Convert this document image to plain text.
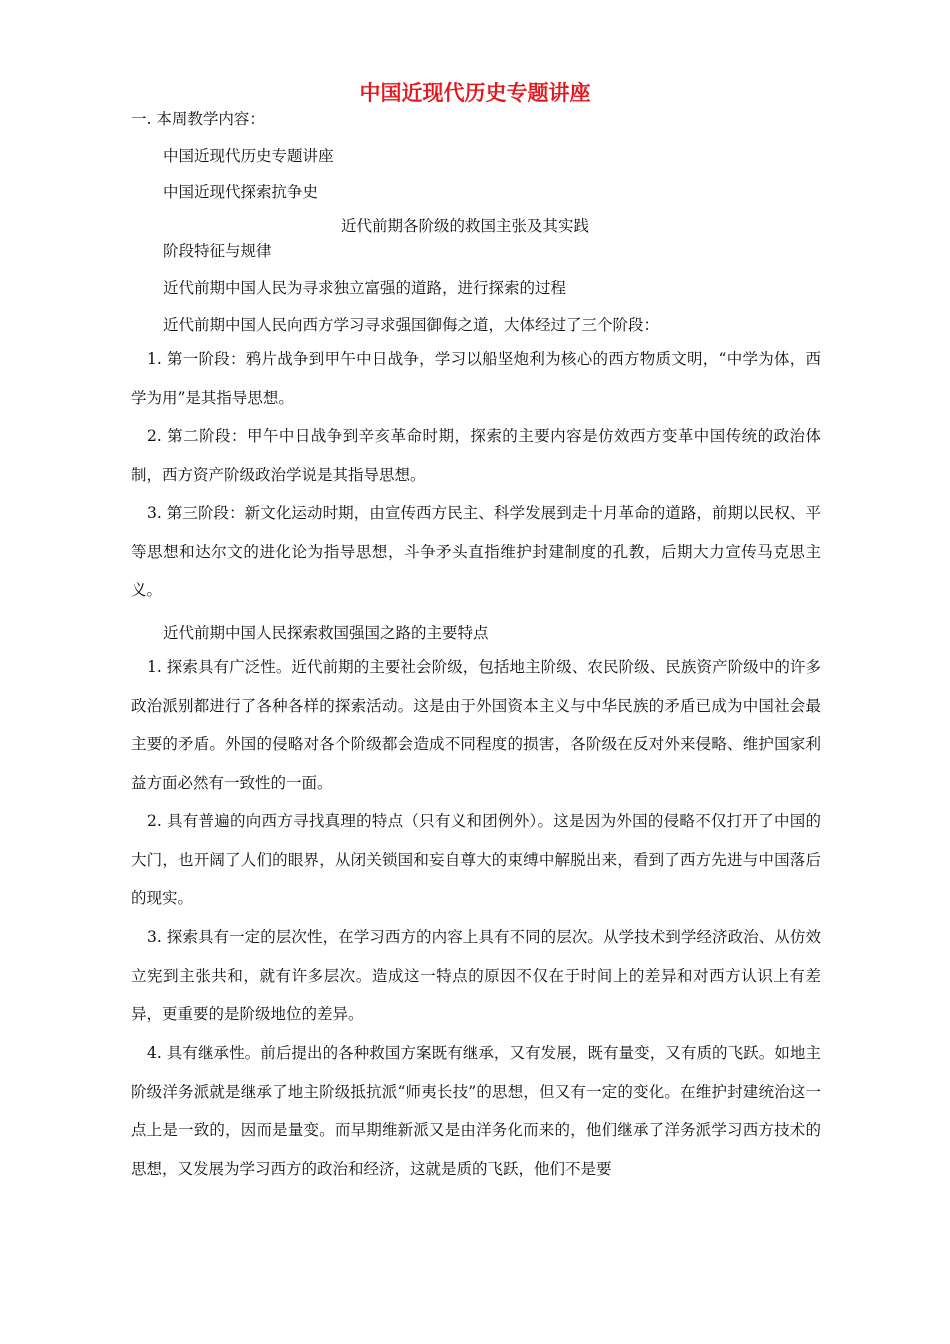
中国近现代历史专题讲座
一. 本周教学内容：
中国近现代历史专题讲座
中国近现代探索抗争史
近代前期各阶级的救国主张及其实践
阶段特征与规律
近代前期中国人民为寻求独立富强的道路，进行探索的过程
近代前期中国人民向西方学习寻求强国御侮之道，大体经过了三个阶段：
1. 第一阶段：鸦片战争到甲午中日战争，学习以船坚炮利为核心的西方物质文明，“中学为体，西学为用”是其指导思想。
2. 第二阶段：甲午中日战争到辛亥革命时期，探索的主要内容是仿效西方变革中国传统的政治体制，西方资产阶级政治学说是其指导思想。
3. 第三阶段：新文化运动时期，由宣传西方民主、科学发展到走十月革命的道路，前期以民权、平等思想和达尔文的进化论为指导思想，斗争矛头直指维护封建制度的孔教，后期大力宣传马克思主义。
近代前期中国人民探索救国强国之路的主要特点
1. 探索具有广泛性。近代前期的主要社会阶级，包括地主阶级、农民阶级、民族资产阶级中的许多政治派别都进行了各种各样的探索活动。这是由于外国资本主义与中华民族的矛盾已成为中国社会最主要的矛盾。外国的侵略对各个阶级都会造成不同程度的损害，各阶级在反对外来侵略、维护国家利益方面必然有一致性的一面。
2. 具有普遍的向西方寻找真理的特点（只有义和团例外）。这是因为外国的侵略不仅打开了中国的大门，也开阔了人们的眼界，从闭关锁国和妄自尊大的束缚中解脱出来，看到了西方先进与中国落后的现实。
3. 探索具有一定的层次性，在学习西方的内容上具有不同的层次。从学技术到学经济政治、从仿效立宪到主张共和，就有许多层次。造成这一特点的原因不仅在于时间上的差异和对西方认识上有差异，更重要的是阶级地位的差异。
4. 具有继承性。前后提出的各种救国方案既有继承，又有发展，既有量变，又有质的飞跃。如地主阶级洋务派就是继承了地主阶级抵抗派“师夷长技”的思想，但又有一定的变化。在维护封建统治这一点上是一致的，因而是量变。而早期维新派又是由洋务化而来的，他们继承了洋务派学习西方技术的思想，又发展为学习西方的政治和经济，这就是质的飞跃，他们不是要
